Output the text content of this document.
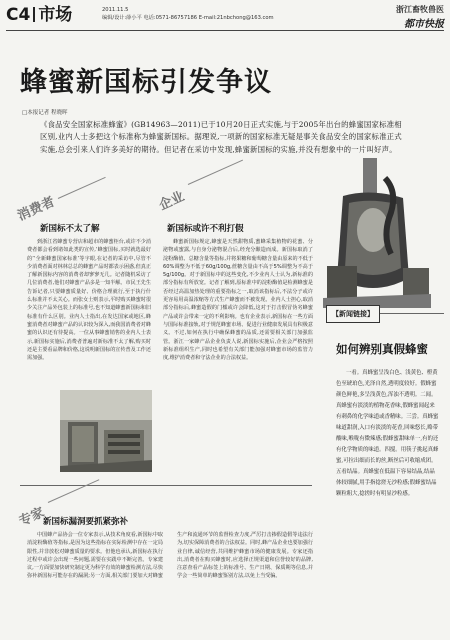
C4 市场	2011.11.5
编辑/设计:薛小平 电话:0571-86757186 E-mail:21nbchong@163.com
浙江畜牧兽医
都市快报
蜂蜜新国标引发争议
□本报记者 程晓晖

《食品安全国家标准蜂蜜》(GB14963—2011)已于10月20日正式实施,与于2005年出台的蜂蜜国家标准相区别,业内人士多把这个标准称为蜂蜜新国标。据理说,一项新的国家标准无疑是事关食品安全的国家标准正式实施,总会引来人们许多美好的期待。但记者在采访中发现,蜂蜜新国标的实施,并没有想象中的一片叫好声。

消费者	企业
新国标不太了解

到浙江省蜂蜜专营店和超市的蜂蜜柜台,或许不少消费者都会看到诸如此类的宣传,‘蜂蜜国标,买时就选最好的’‘全新蜂蜜国家标准’等字眼,在记者的采访中,尽管不少消费者面对林林总总的蜂蜜产品时都表示困惑,但真正了解新国标内容的消费者却寥寥无几。记者随机采访了几位消费者,他们对蜂蜜产品多是一知半解。市民王先生告诉记者,只要蜂蜜质量好、价格合理就行,至于执行什么标准并不太关心。而张女士则表示,平时购买蜂蜜时很少关注产品外包装上的标准号,也不知道蜂蜜新国标和旧标准有什么区别。业内人士指出,在发达国家或地区,蜂蜜消费者对蜂蜜产品的认识较为深入,而我国消费者对蜂蜜的认识还有待提高。一位从事蜂蜜销售的业内人士表示,新国标实施后,消费者普遍对新标准不太了解,购买时还是主要看品牌和价格,这说明新国标的宣传普及工作还需加强。

新国标或许不利打假

蜂蜜新国标规定,蜂蜜是天然甜物质,蜜蜂采集植物的花蜜、分泌物或蜜露,与自身分泌物混合后,经充分酿造而成。新国标取消了淀粉酶值、总糖含量等指标,并将果糖和葡萄糖含量由原来的不低于60%调整为不低于60g/100g,蔗糖含量由不高于5%调整为不高于5g/100g。对于新国标中的这些变化,不少业内人士认为,新标准的部分指标有所放宽。记者了解到,原标准中的淀粉酶值是检测蜂蜜是否经过高温加热处理的重要指标之一,取消该指标后,不法分子或许更容易用高温浓缩等方式生产蜂蜜而不被发现。业内人士担心,取消部分指标后,蜂蜜造假的门槛或许会降低,这对于打击假冒伪劣蜂蜜产品或许会带来一定的不利影响。也有企业表示,新国标在一些方面与国际标准接轨,对于规范蜂蜜市场、促进行业健康发展具有积极意义。不过,如何在执行中确保蜂蜜的品质,还需要相关部门加强监管。浙江一家蜂产品企业负责人说,新国标实施后,企业会严格按照新标准组织生产,同时也希望有关部门能加强对蜂蜜市场的监管力度,维护消费者和守法企业的合法权益。

专家
新国标漏洞要抓紧弥补

中国蜂产品协会一位专家表示,从技术角度看,新国标中取消淀粉酶值等指标,是因为这些指标在实际检测中存在一定局限性,并非放松对蜂蜜质量的要求。但他也承认,新国标在执行过程中或许会出现一些问题,需要在实践中不断完善。专家建议,一方面要加快研究制定更为科学有效的蜂蜜检测方法,尽快弥补新国标可能存在的漏洞;另一方面,相关部门要加大对蜂蜜生产和流通环节的监督检查力度,严厉打击掺假造假等违法行为,切实保障消费者的合法权益。同时,蜂产品企业也要加强行业自律,诚信经营,共同维护蜂蜜市场的健康发展。专家还指出,消费者在购买蜂蜜时,应选择正规渠道和信誉较好的品牌,注意查看产品标签上的标准号、生产日期、保质期等信息,并学会一些简单的蜂蜜鉴别方法,以免上当受骗。

【新闻链接】
如何辨别真假蜂蜜

一看。真蜂蜜呈浅白色、浅黄色、橙黄色至琥珀色,光泽自然,透明度较好。假蜂蜜颜色鲜艳,多呈浅黄色,浑浊不透明。二闻。真蜂蜜有淡淡的植物花香味,假蜂蜜闻起来有刺鼻的化学味道或香精味。三尝。真蜂蜜味道甜润,入口有淡淡的花香,回味悠长,略带酸味,喉咙有微辣感;假蜂蜜甜味单一,有的还有化学物质的味道。四搅。用筷子挑起真蜂蜜,可拉出细而长的丝,断丝后可收缩成团。五看结晶。真蜂蜜在低温下容易结晶,结晶体较细腻,用手指捻搓无沙粒感;假蜂蜜结晶颗粒粗大,捻搓时有明显沙粒感。
